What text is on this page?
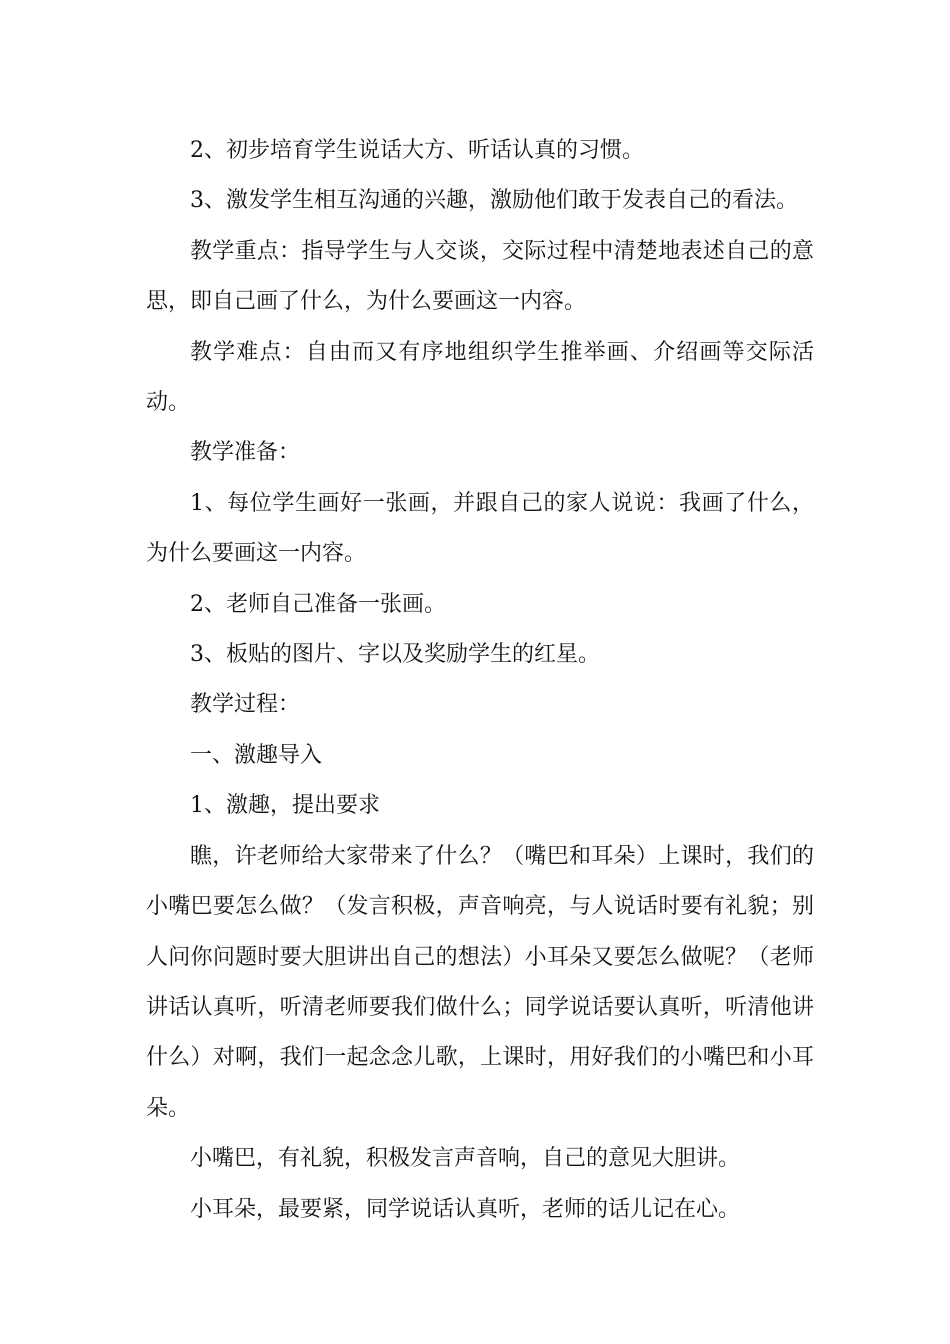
2、初步培育学生说话大方、听话认真的习惯。

3、激发学生相互沟通的兴趣，激励他们敢于发表自己的看法。

教学重点：指导学生与人交谈，交际过程中清楚地表述自己的意思，即自己画了什么，为什么要画这一内容。

教学难点：自由而又有序地组织学生推举画、介绍画等交际活动。

教学准备：

1、每位学生画好一张画，并跟自己的家人说说：我画了什么，为什么要画这一内容。

2、老师自己准备一张画。

3、板贴的图片、字以及奖励学生的红星。

教学过程：

一、激趣导入

1、激趣，提出要求

瞧，许老师给大家带来了什么？（嘴巴和耳朵）上课时，我们的小嘴巴要怎么做？（发言积极，声音响亮，与人说话时要有礼貌；别人问你问题时要大胆讲出自己的想法）小耳朵又要怎么做呢？（老师讲话认真听，听清老师要我们做什么；同学说话要认真听，听清他讲什么）对啊，我们一起念念儿歌，上课时，用好我们的小嘴巴和小耳朵。

小嘴巴，有礼貌，积极发言声音响，自己的意见大胆讲。

小耳朵，最要紧，同学说话认真听，老师的话儿记在心。
